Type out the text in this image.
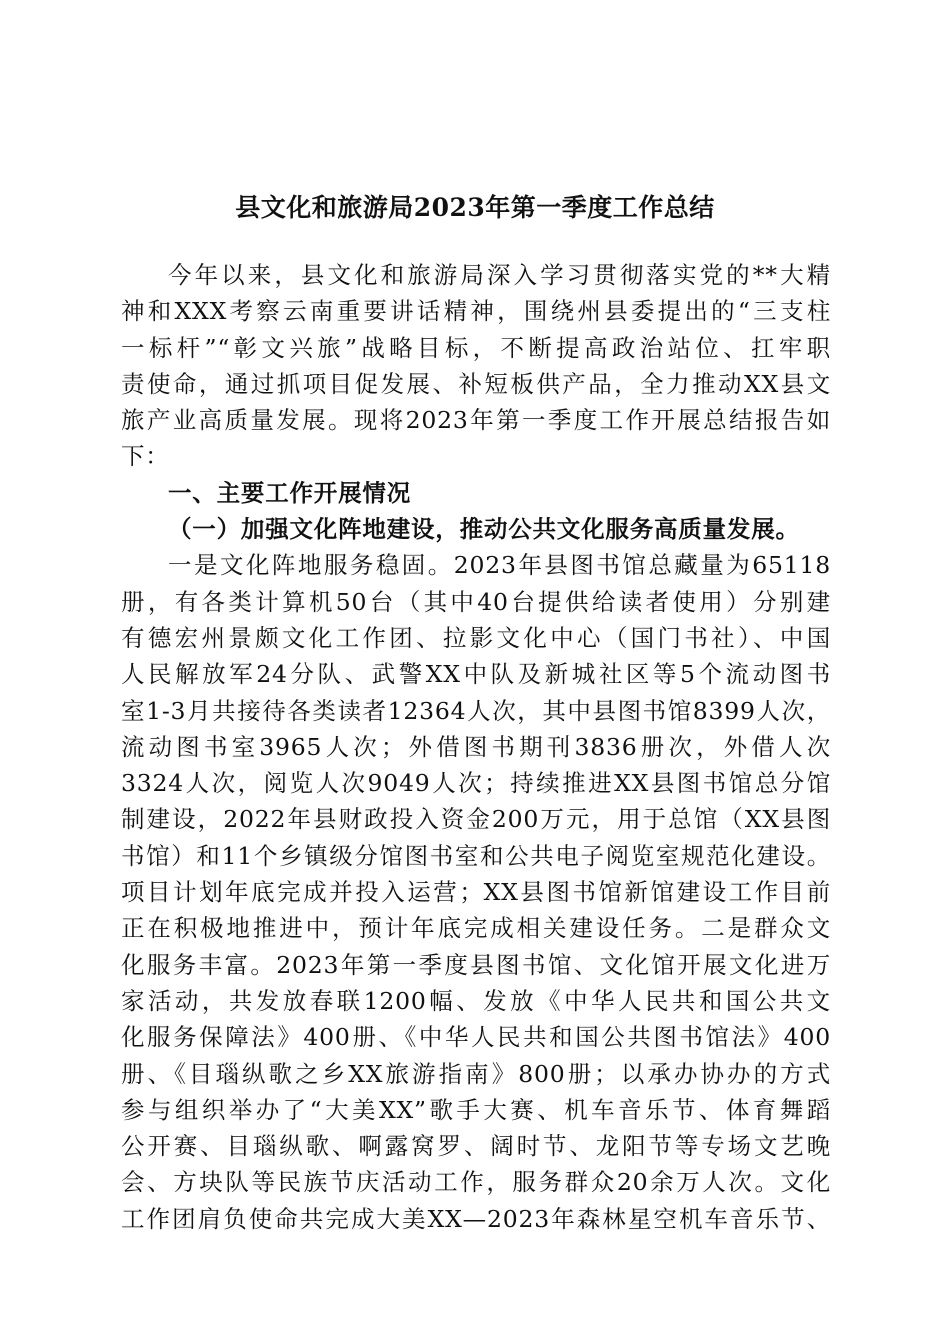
县文化和旅游局2023年第一季度工作总结
今年以来，县文化和旅游局深入学习贯彻落实党的**大精
神和XXX考察云南重要讲话精神，围绕州县委提出的“三支柱
一标杆”“彰文兴旅”战略目标，不断提高政治站位、扛牢职
责使命，通过抓项目促发展、补短板供产品，全力推动XX县文
旅产业高质量发展。现将2023年第一季度工作开展总结报告如
下：
一、主要工作开展情况
（一）加强文化阵地建设，推动公共文化服务高质量发展。
一是文化阵地服务稳固。2023年县图书馆总藏量为65118
册，有各类计算机50台（其中40台提供给读者使用）分别建
有德宏州景颇文化工作团、拉影文化中心（国门书社）、中国
人民解放军24分队、武警XX中队及新城社区等5个流动图书
室1-3月共接待各类读者12364人次，其中县图书馆8399人次，
流动图书室3965人次；外借图书期刊3836册次，外借人次
3324人次，阅览人次9049人次；持续推进XX县图书馆总分馆
制建设，2022年县财政投入资金200万元，用于总馆（XX县图
书馆）和11个乡镇级分馆图书室和公共电子阅览室规范化建设。
项目计划年底完成并投入运营；XX县图书馆新馆建设工作目前
正在积极地推进中，预计年底完成相关建设任务。二是群众文
化服务丰富。2023年第一季度县图书馆、文化馆开展文化进万
家活动，共发放春联1200幅、发放《中华人民共和国公共文
化服务保障法》400册、《中华人民共和国公共图书馆法》400
册、《目瑙纵歌之乡XX旅游指南》800册；以承办协办的方式
参与组织举办了“大美XX”歌手大赛、机车音乐节、体育舞蹈
公开赛、目瑙纵歌、啊露窝罗、阔时节、龙阳节等专场文艺晚
会、方块队等民族节庆活动工作，服务群众20余万人次。文化
工作团肩负使命共完成大美XX—2023年森林星空机车音乐节、
